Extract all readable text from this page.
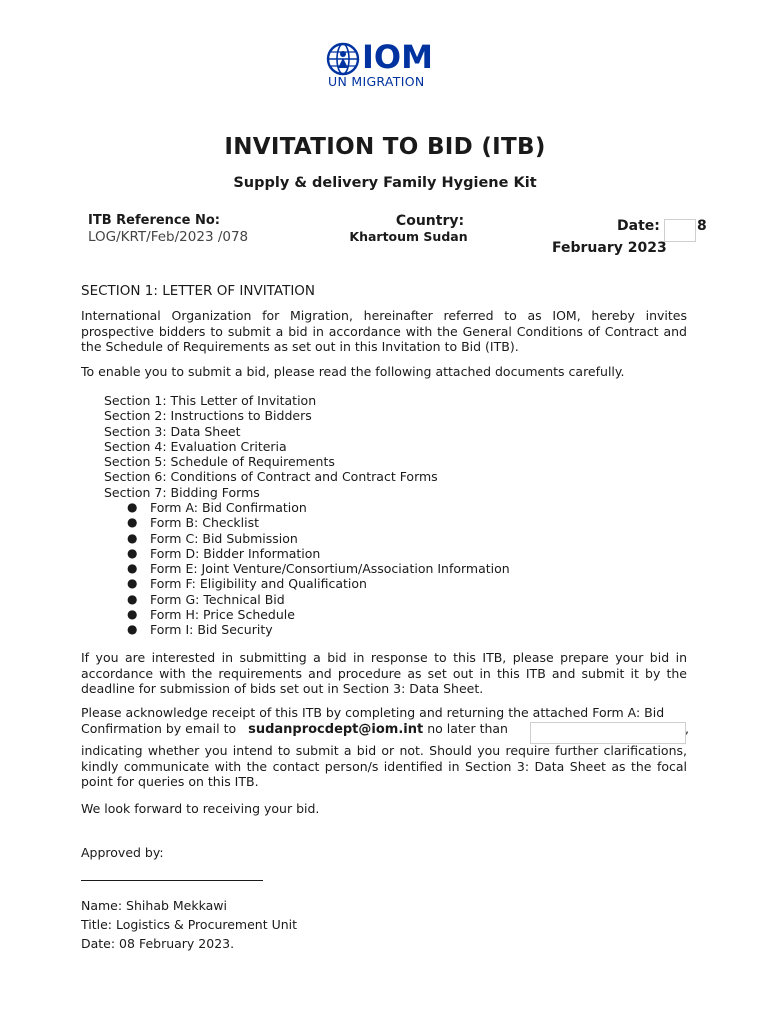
IOM
UN MIGRATION
INVITATION TO BID (ITB)
Supply & delivery Family Hygiene Kit
ITB Reference No:
LOG/KRT/Feb/2023 /078
Country:
Khartoum Sudan
Date:	8
February 2023
SECTION 1: LETTER OF INVITATION
International Organization for Migration, hereinafter referred to as IOM, hereby invites prospective bidders to submit a bid in accordance with the General Conditions of Contract and the Schedule of Requirements as set out in this Invitation to Bid (ITB).
To enable you to submit a bid, please read the following attached documents carefully.
Section 1: This Letter of Invitation
Section 2: Instructions to Bidders
Section 3: Data Sheet
Section 4: Evaluation Criteria
Section 5: Schedule of Requirements
Section 6: Conditions of Contract and Contract Forms
Section 7: Bidding Forms
● Form A: Bid Confirmation
● Form B: Checklist
● Form C: Bid Submission
● Form D: Bidder Information
● Form E: Joint Venture/Consortium/Association Information
● Form F: Eligibility and Qualification
● Form G: Technical Bid
● Form H: Price Schedule
● Form I: Bid Security
If you are interested in submitting a bid in response to this ITB, please prepare your bid in accordance with the requirements and procedure as set out in this ITB and submit it by the deadline for submission of bids set out in Section 3: Data Sheet.
Please acknowledge receipt of this ITB by completing and returning the attached Form A: Bid
Confirmation by email to sudanprocdept@iom.int no later than	,
indicating whether you intend to submit a bid or not. Should you require further clarifications, kindly communicate with the contact person/s identified in Section 3: Data Sheet as the focal point for queries on this ITB.
We look forward to receiving your bid.
Approved by:
Name: Shihab Mekkawi
Title: Logistics & Procurement Unit
Date: 08 February 2023.
